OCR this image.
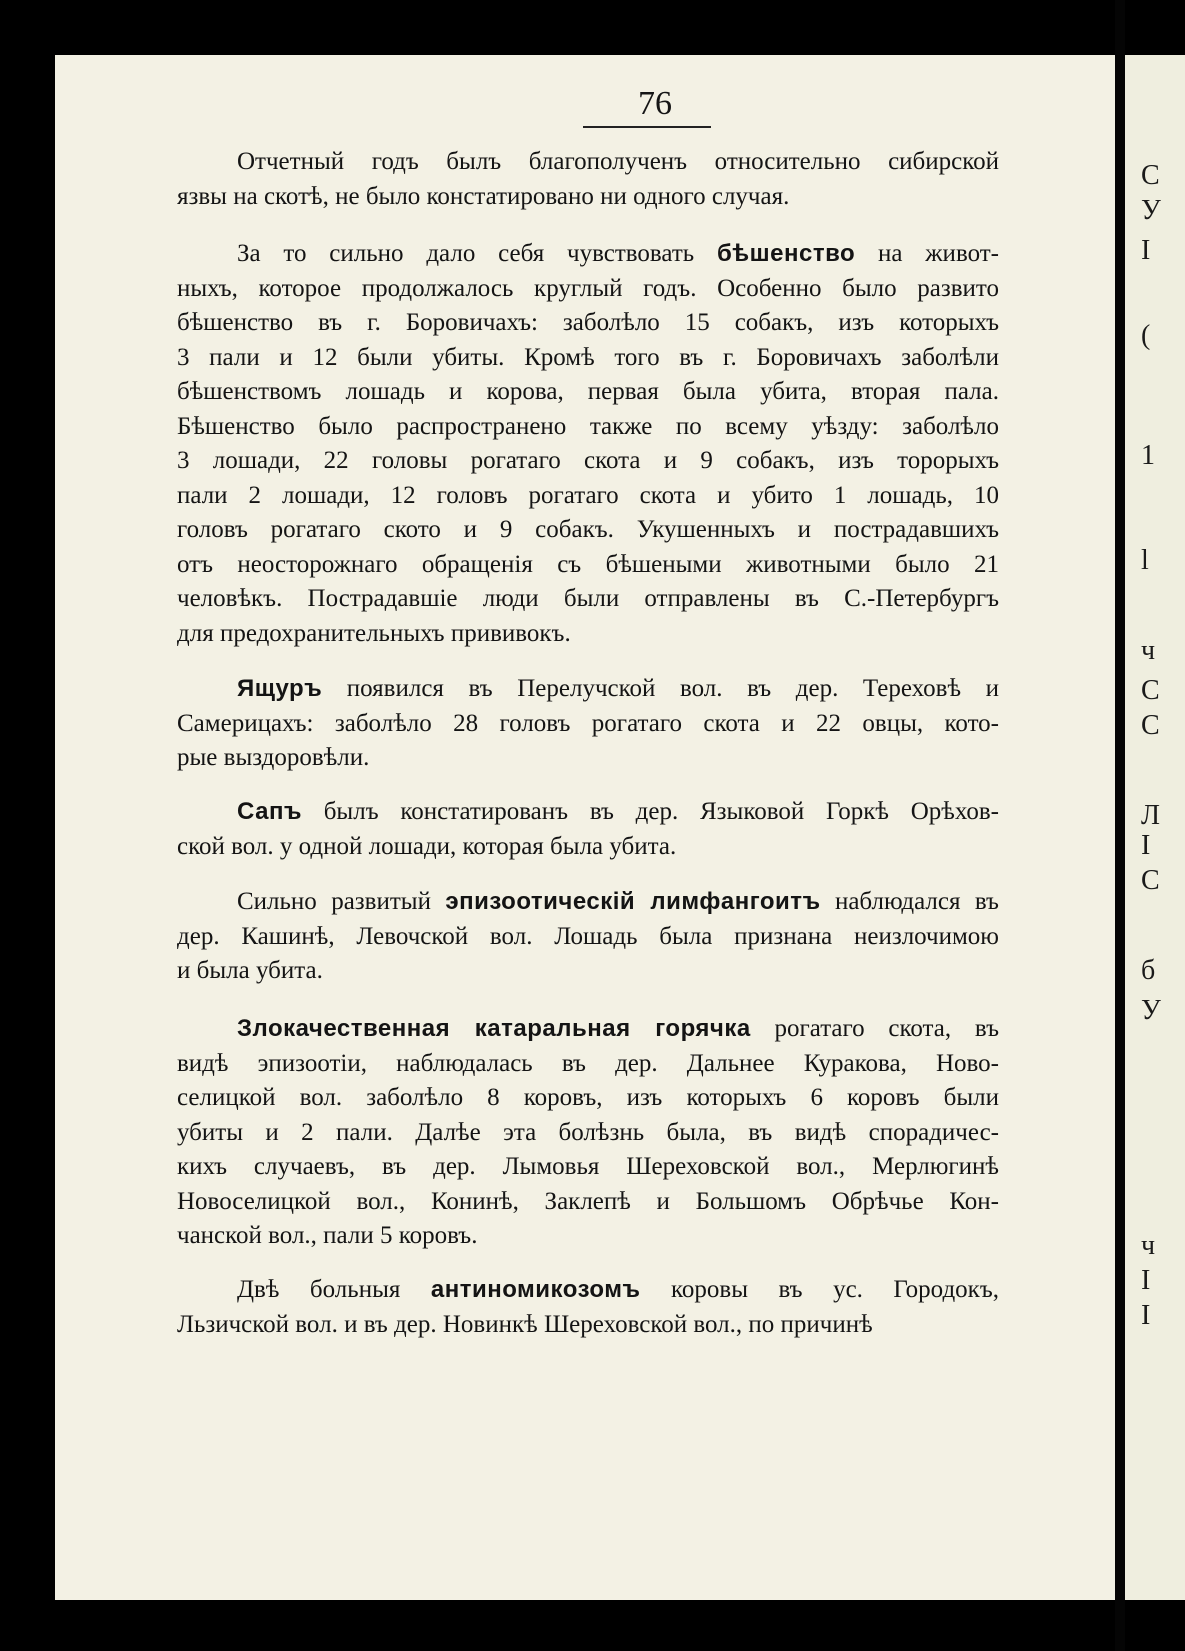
76

Отчетный годъ былъ благополученъ относительно сибирской
язвы на скотѣ, не было констатировано ни одного случая.

За то сильно дало себя чувствовать бѣшенство на живот-
ныхъ, которое продолжалось круглый годъ. Особенно было развито
бѣшенство въ г. Боровичахъ: заболѣло 15 собакъ, изъ которыхъ
3 пали и 12 были убиты. Кромѣ того въ г. Боровичахъ заболѣли
бѣшенствомъ лошадь и корова, первая была убита, вторая пала.
Бѣшенство было распространено также по всему уѣзду: заболѣло
3 лошади, 22 головы рогатаго скота и 9 собакъ, изъ торорыхъ
пали 2 лошади, 12 головъ рогатаго скота и убито 1 лошадь, 10
головъ рогатаго ското и 9 собакъ. Укушенныхъ и пострадавшихъ
отъ неосторожнаго обращенія съ бѣшеными животными было 21
человѣкъ. Пострадавшіе люди были отправлены въ С.-Петербургъ
для предохранительныхъ прививокъ.

Ящуръ появился въ Перелучской вол. въ дер. Тереховѣ и
Самерицахъ: заболѣло 28 головъ рогатаго скота и 22 овцы, кото-
рые выздоровѣли.

Сапъ былъ констатированъ въ дер. Языковой Горкѣ Орѣхов-
ской вол. у одной лошади, которая была убита.

Сильно развитый эпизоотическій лимфангоитъ наблюдался въ
дер. Кашинѣ, Левочской вол. Лошадь была признана неизлочимою
и была убита.

Злокачественная катаральная горячка рогатаго скота, въ
видѣ эпизоотіи, наблюдалась въ дер. Дальнее Куракова, Ново-
селицкой вол. заболѣло 8 коровъ, изъ которыхъ 6 коровъ были
убиты и 2 пали. Далѣе эта болѣзнь была, въ видѣ спорадичес-
кихъ случаевъ, въ дер. Лымовья Шереховской вол., Мерлюгинѣ
Новоселицкой вол., Конинѣ, Заклепѣ и Большомъ Обрѣчье Кон-
чанской вол., пали 5 коровъ.

Двѣ больныя антиномикозомъ коровы въ ус. Городокъ,
Льзичской вол. и въ дер. Новинкѣ Шереховской вол., по причинѣ

С
У
I
(
1
l
ч
С
С
Л
I
С
б
У
ч
I
I
